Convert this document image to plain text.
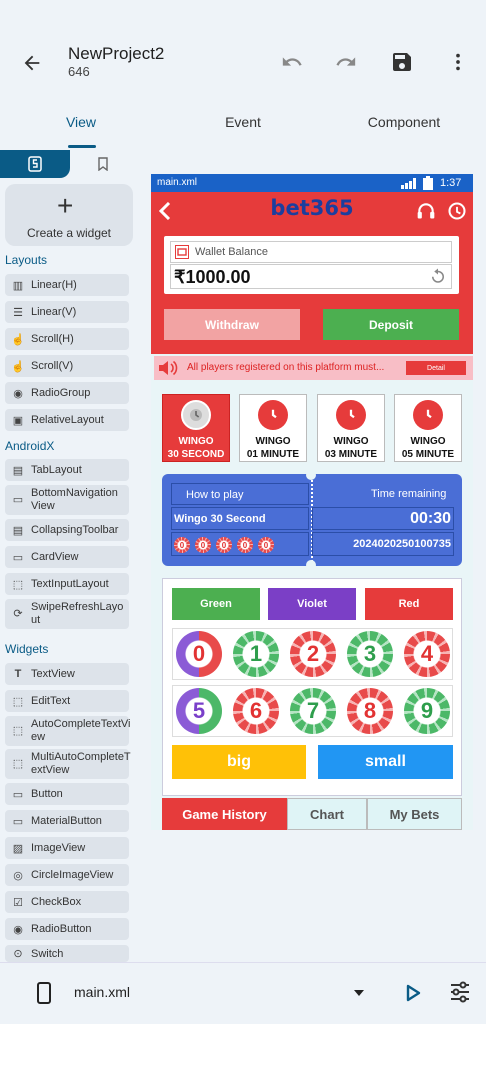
NewProject2
646
View	Event	Component
+
Create a widget
Layouts
▥ Linear(H)
☰ Linear(V)
☝ Scroll(H)
☝ Scroll(V)
◉ RadioGroup
▣ RelativeLayout
AndroidX
▤ TabLayout
▭
BottomNavigation View
▤ CollapsingToolbar
▭ CardView
⬚ TextInputLayout
⟳
SwipeRefreshLayo ut
Widgets
T TextView
⬚ EditText
⬚
AutoCompleteTextVi ew
⬚
MultiAutoCompleteT extView
▭ Button
▭ MaterialButton
▨ ImageView
◎ CircleImageView
☑ CheckBox
◉ RadioButton
⊙ Switch
main.xml	1:37
bet365
Wallet Balance
₹1000.00
Withdraw	Deposit
All players registered on this platform must...	Detail
WINGO
30 SECOND
WINGO
01 MINUTE
WINGO
03 MINUTE
WINGO
05 MINUTE
How to play
Wingo 30 Second
0	0	0	0	0
Time remaining
00:30
2024020250100735
Green	Violet	Red
0	1	2	3	4
5	6	7	8	9
big	small
Game History	Chart	My Bets
main.xml
